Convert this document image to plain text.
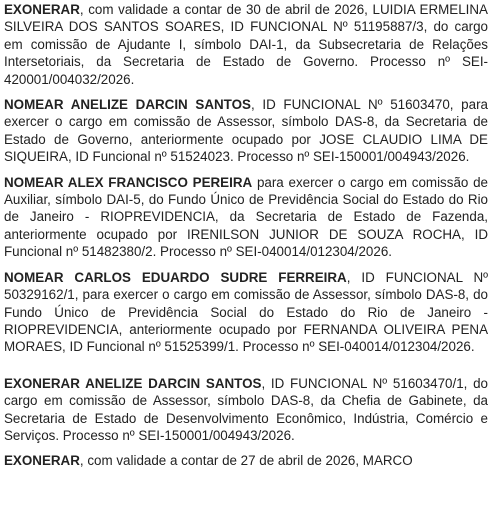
EXONERAR, com validade a contar de 30 de abril de 2026, LUIDIA ERMELINA SILVEIRA DOS SANTOS SOARES, ID FUNCIONAL Nº 51195887/3, do cargo em comissão de Ajudante I, símbolo DAI-1, da Subsecretaria de Relações Intersetoriais, da Secretaria de Estado de Governo. Processo nº SEI-420001/004032/2026.

NOMEAR ANELIZE DARCIN SANTOS, ID FUNCIONAL Nº 51603470, para exercer o cargo em comissão de Assessor, símbolo DAS-8, da Secretaria de Estado de Governo, anteriormente ocupado por JOSE CLAUDIO LIMA DE SIQUEIRA, ID Funcional nº 51524023. Processo nº SEI-150001/004943/2026.

NOMEAR ALEX FRANCISCO PEREIRA para exercer o cargo em comissão de Auxiliar, símbolo DAI-5, do Fundo Único de Previdência Social do Estado do Rio de Janeiro - RIOPREVIDENCIA, da Secretaria de Estado de Fazenda, anteriormente ocupado por IRENILSON JUNIOR DE SOUZA ROCHA, ID Funcional nº 51482380/2. Processo nº SEI-040014/012304/2026.

NOMEAR CARLOS EDUARDO SUDRE FERREIRA, ID FUNCIONAL Nº 50329162/1, para exercer o cargo em comissão de Assessor, símbolo DAS-8, do Fundo Único de Previdência Social do Estado do Rio de Janeiro - RIOPREVIDENCIA, anteriormente ocupado por FERNANDA OLIVEIRA PENA MORAES, ID Funcional nº 51525399/1. Processo nº SEI-040014/012304/2026.

EXONERAR ANELIZE DARCIN SANTOS, ID FUNCIONAL Nº 51603470/1, do cargo em comissão de Assessor, símbolo DAS-8, da Chefia de Gabinete, da Secretaria de Estado de Desenvolvimento Econômico, Indústria, Comércio e Serviços. Processo nº SEI-150001/004943/2026.

EXONERAR, com validade a contar de 27 de abril de 2026, MARCO
